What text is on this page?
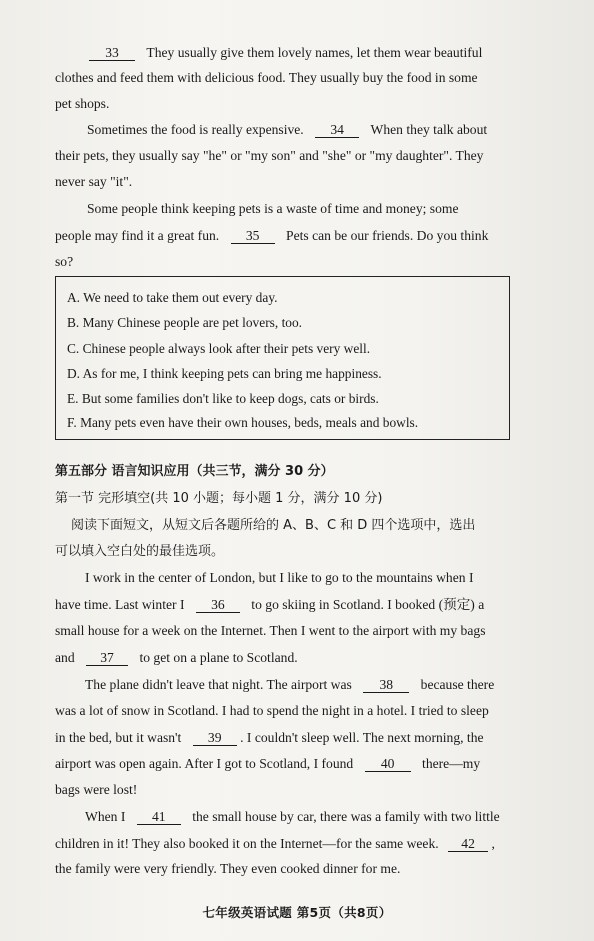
33 They usually give them lovely names, let them wear beautiful
clothes and feed them with delicious food. They usually buy the food in some
pet shops.
Sometimes the food is really expensive. 34 When they talk about
their pets, they usually say "he" or "my son" and "she" or "my daughter". They
never say "it".
Some people think keeping pets is a waste of time and money; some
people may find it a great fun. 35 Pets can be our friends. Do you think
so?
A. We need to take them out every day.
B. Many Chinese people are pet lovers, too.
C. Chinese people always look after their pets very well.
D. As for me, I think keeping pets can bring me happiness.
E. But some families don't like to keep dogs, cats or birds.
F. Many pets even have their own houses, beds, meals and bowls.
第五部分 语言知识应用（共三节，满分 30 分）
第一节 完形填空(共 10 小题；每小题 1 分，满分 10 分)
阅读下面短文，从短文后各题所给的 A、B、C 和 D 四个选项中，选出
可以填入空白处的最佳选项。
I work in the center of London, but I like to go to the mountains when I
have time. Last winter I 36 to go skiing in Scotland. I booked (预定) a
small house for a week on the Internet. Then I went to the airport with my bags
and 37 to get on a plane to Scotland.
The plane didn't leave that night. The airport was 38 because there
was a lot of snow in Scotland. I had to spend the night in a hotel. I tried to sleep
in the bed, but it wasn't 39 . I couldn't sleep well. The next morning, the
airport was open again. After I got to Scotland, I found 40 there—my
bags were lost!
When I 41 the small house by car, there was a family with two little
children in it! They also booked it on the Internet—for the same week. 42 ,
the family were very friendly. They even cooked dinner for me.
七年级英语试题 第5页（共8页）
